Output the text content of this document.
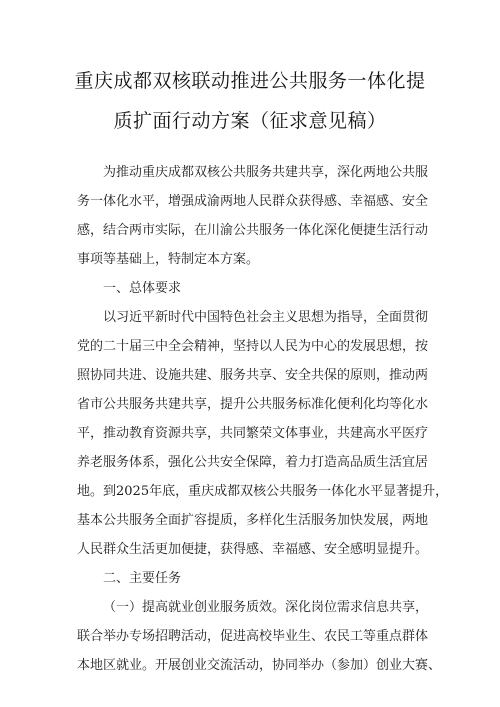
重庆成都双核联动推进公共服务一体化提
质扩面行动方案（征求意见稿）

为推动重庆成都双核公共服务共建共享，深化两地公共服

务一体化水平，增强成渝两地人民群众获得感、幸福感、安全

感，结合两市实际，在川渝公共服务一体化深化便捷生活行动

事项等基础上，特制定本方案。

一、总体要求

以习近平新时代中国特色社会主义思想为指导，全面贯彻

党的二十届三中全会精神，坚持以人民为中心的发展思想，按

照协同共进、设施共建、服务共享、安全共保的原则，推动两

省市公共服务共建共享，提升公共服务标准化便利化均等化水

平，推动教育资源共享，共同繁荣文体事业，共建高水平医疗

养老服务体系，强化公共安全保障，着力打造高品质生活宜居

地。到2025年底，重庆成都双核公共服务一体化水平显著提升，

基本公共服务全面扩容提质，多样化生活服务加快发展，两地

人民群众生活更加便捷，获得感、幸福感、安全感明显提升。

二、主要任务

（一）提高就业创业服务质效。深化岗位需求信息共享，

联合举办专场招聘活动，促进高校毕业生、农民工等重点群体

本地区就业。开展创业交流活动，协同举办（参加）创业大赛、
